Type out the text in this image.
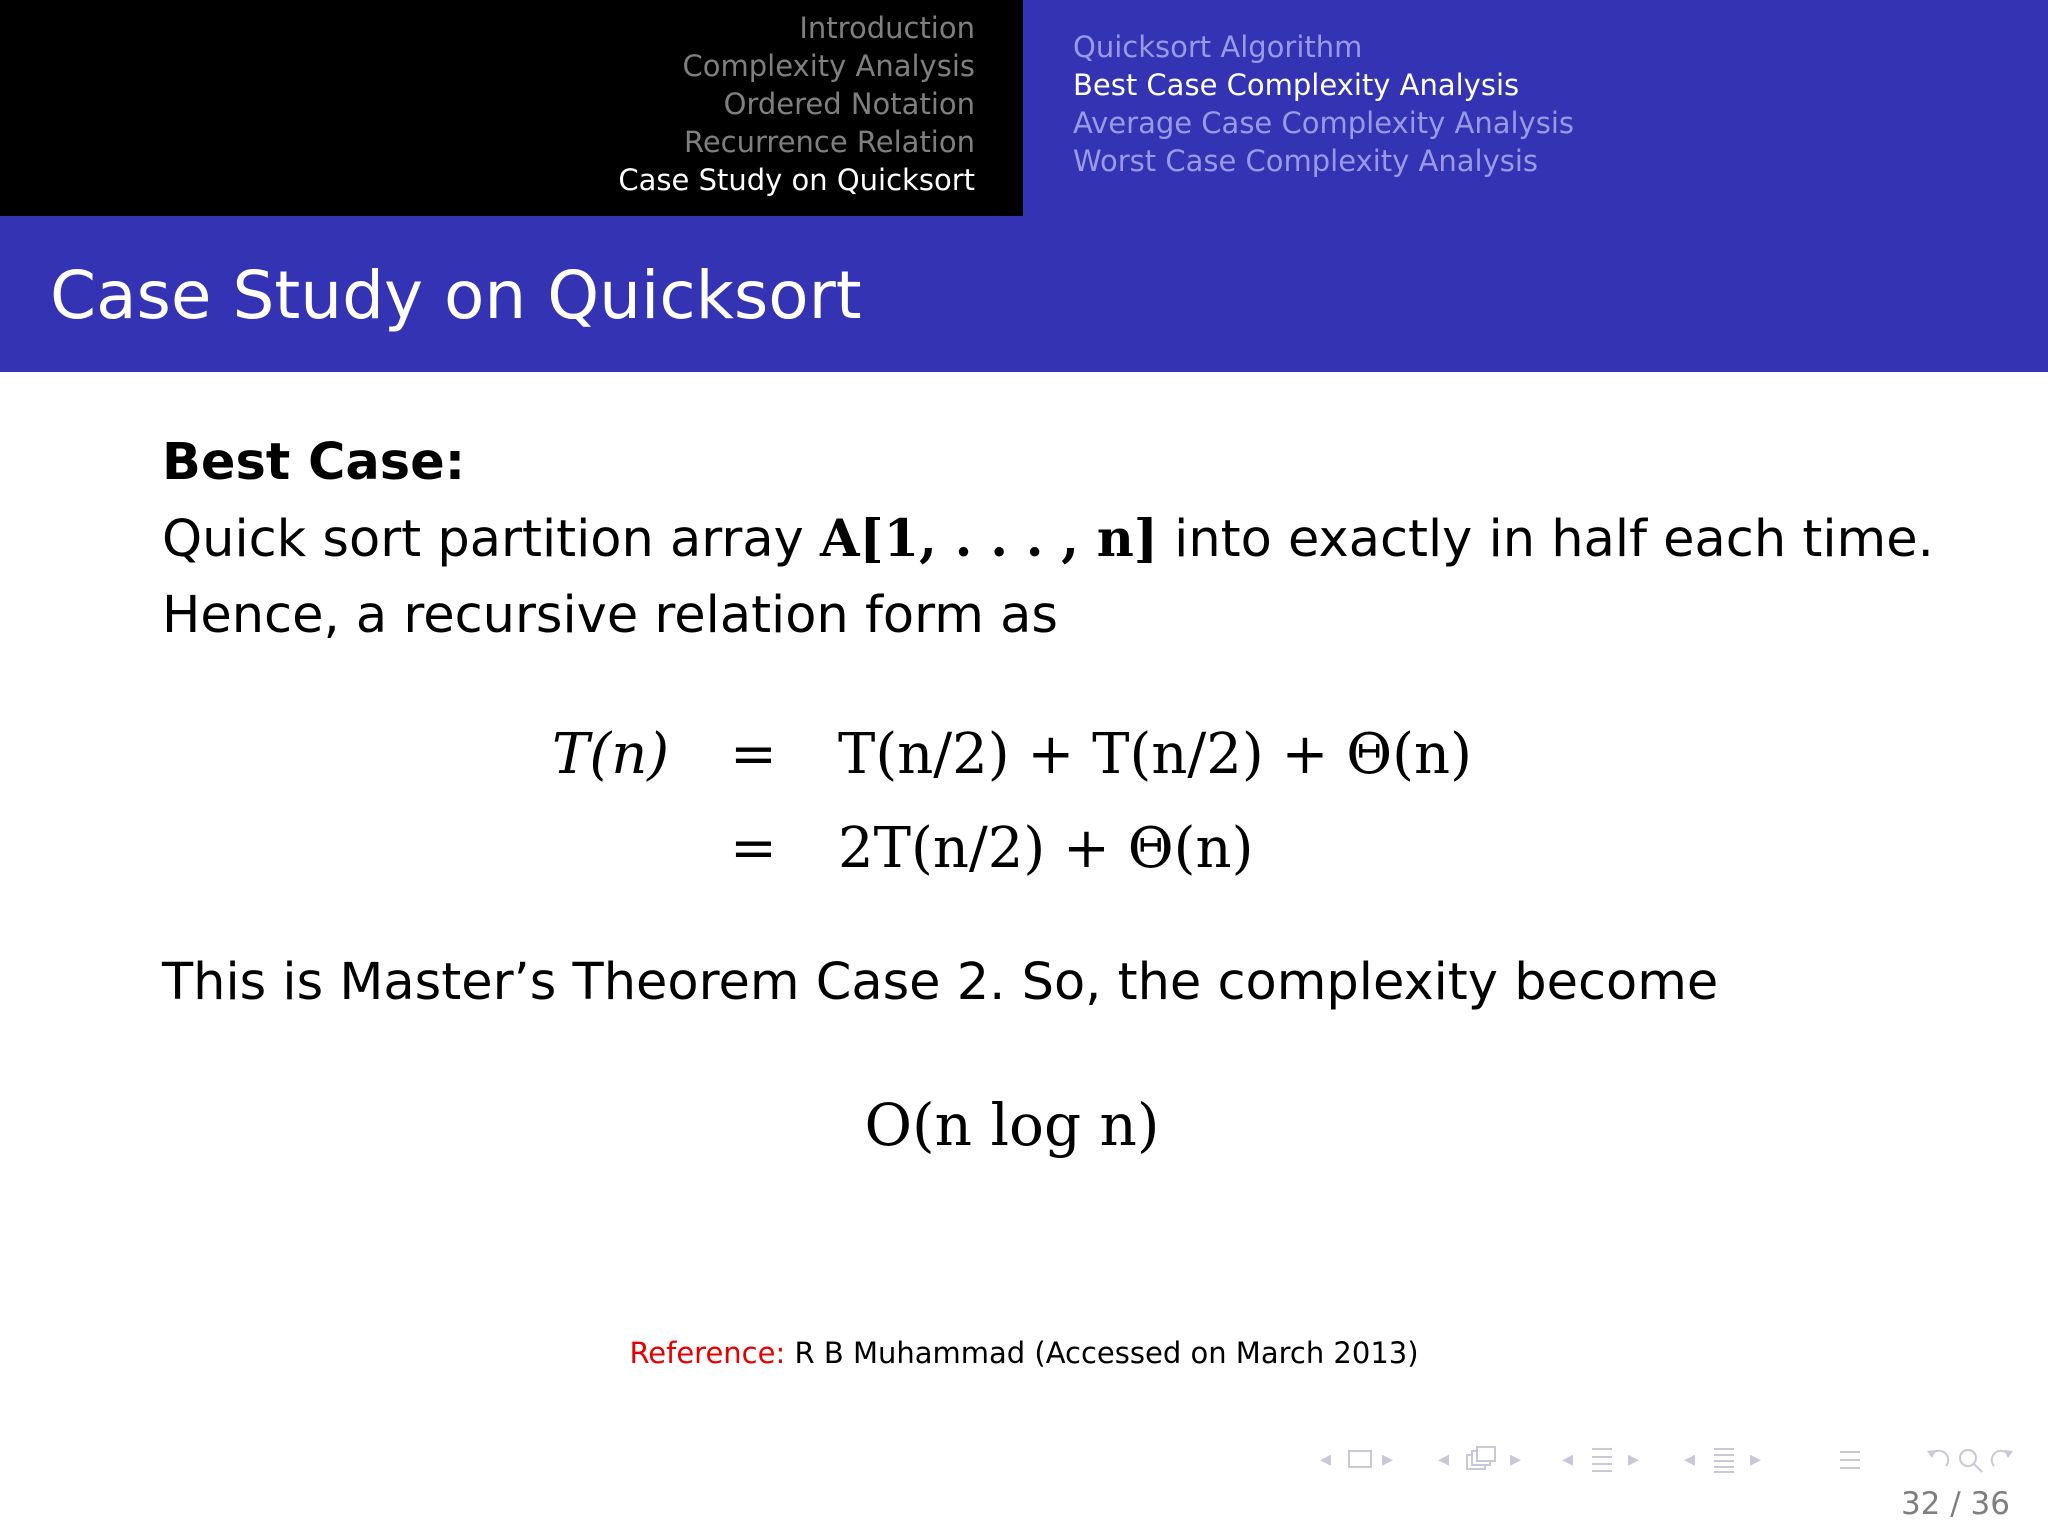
Introduction
Complexity Analysis
Ordered Notation
Recurrence Relation
Case Study on Quicksort
Quicksort Algorithm
Best Case Complexity Analysis
Average Case Complexity Analysis
Worst Case Complexity Analysis
Case Study on Quicksort

Best Case:

Quick sort partition array A[1, . . . , n] into exactly in half each time.

Hence, a recursive relation form as

T(n) = T(n/2) + T(n/2) + Θ(n)
= 2T(n/2) + Θ(n)

This is Master’s Theorem Case 2. So, the complexity become

O(n log n)
Reference: R B Muhammad (Accessed on March 2013)
◂ ▸ ◂	▸ ◂ ▸ ◂ ▸
32 / 36
